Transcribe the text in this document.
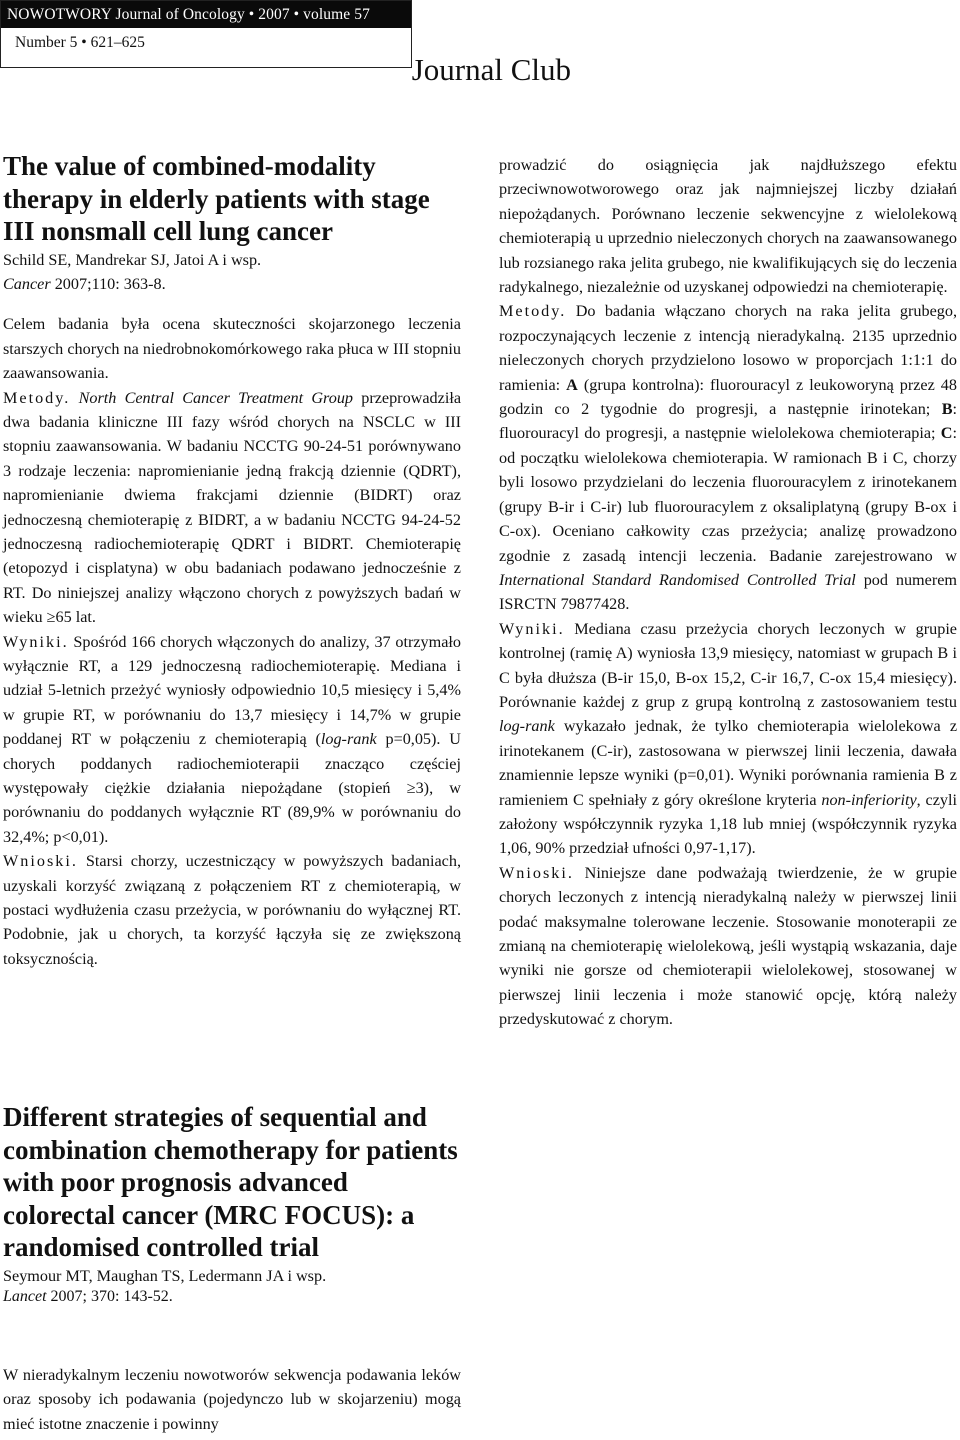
NOWOTWORY Journal of Oncology • 2007 • volume 57
Number 5 • 621–625
Journal Club
The value of combined-modality therapy in elderly patients with stage III nonsmall cell lung cancer
Schild SE, Mandrekar SJ, Jatoi A i wsp.
Cancer 2007;110: 363-8.

Celem badania była ocena skuteczności skojarzonego leczenia starszych chorych na niedrobnokomórkowego raka płuca w III stopniu zaawansowania.

Metody. North Central Cancer Treatment Group przeprowadziła dwa badania kliniczne III fazy wśród chorych na NSCLC w III stopniu zaawansowania. W badaniu NCCTG 90-24-51 porównywano 3 rodzaje leczenia: napromienianie jedną frakcją dziennie (QDRT), napromienianie dwiema frakcjami dziennie (BIDRT) oraz jednoczesną chemioterapię z BIDRT, a w badaniu NCCTG 94-24-52 jednoczesną radiochemioterapię QDRT i BIDRT. Chemioterapię (etopozyd i cisplatyna) w obu badaniach podawano jednocześnie z RT. Do niniejszej analizy włączono chorych z powyższych badań w wieku ≥65 lat.

Wyniki. Spośród 166 chorych włączonych do analizy, 37 otrzymało wyłącznie RT, a 129 jednoczesną radiochemioterapię. Mediana i udział 5-letnich przeżyć wyniosły odpowiednio 10,5 miesięcy i 5,4% w grupie RT, w porównaniu do 13,7 miesięcy i 14,7% w grupie poddanej RT w połączeniu z chemioterapią (log-rank p=0,05). U chorych poddanych radiochemioterapii znacząco częściej występowały ciężkie działania niepożądane (stopień ≥3), w porównaniu do poddanych wyłącznie RT (89,9% w porównaniu do 32,4%; p<0,01).

Wnioski. Starsi chorzy, uczestniczący w powyższych badaniach, uzyskali korzyść związaną z połączeniem RT z chemioterapią, w postaci wydłużenia czasu przeżycia, w porównaniu do wyłącznej RT. Podobnie, jak u chorych, ta korzyść łączyła się ze zwiększoną toksycznością.

Different strategies of sequential and combination chemotherapy for patients with poor prognosis advanced colorectal cancer (MRC FOCUS): a randomised controlled trial
Seymour MT, Maughan TS, Ledermann JA i wsp.
Lancet 2007; 370: 143-52.
W nieradykalnym leczeniu nowotworów sekwencja podawania leków oraz sposoby ich podawania (pojedynczo lub w skojarzeniu) mogą mieć istotne znaczenie i powinny

prowadzić do osiągnięcia jak najdłuższego efektu przeciwnowotworowego oraz jak najmniejszej liczby działań niepożądanych. Porównano leczenie sekwencyjne z wielolekową chemioterapią u uprzednio nieleczonych chorych na zaawansowanego lub rozsianego raka jelita grubego, nie kwalifikujących się do leczenia radykalnego, niezależnie od uzyskanej odpowiedzi na chemioterapię.

Metody. Do badania włączano chorych na raka jelita grubego, rozpoczynających leczenie z intencją nieradykalną. 2135 uprzednio nieleczonych chorych przydzielono losowo w proporcjach 1:1:1 do ramienia: A (grupa kontrolna): fluorouracyl z leukoworyną przez 48 godzin co 2 tygodnie do progresji, a następnie irinotekan; B: fluorouracyl do progresji, a następnie wielolekowa chemioterapia; C: od początku wielolekowa chemioterapia. W ramionach B i C, chorzy byli losowo przydzielani do leczenia fluorouracylem z irinotekanem (grupy B-ir i C-ir) lub fluorouracylem z oksaliplatyną (grupy B-ox i C-ox). Oceniano całkowity czas przeżycia; analizę prowadzono zgodnie z zasadą intencji leczenia. Badanie zarejestrowano w International Standard Randomised Controlled Trial pod numerem ISRCTN 79877428.

Wyniki. Mediana czasu przeżycia chorych leczonych w grupie kontrolnej (ramię A) wyniosła 13,9 miesięcy, natomiast w grupach B i C była dłuższa (B-ir 15,0, B-ox 15,2, C-ir 16,7, C-ox 15,4 miesięcy). Porównanie każdej z grup z grupą kontrolną z zastosowaniem testu log-rank wykazało jednak, że tylko chemioterapia wielolekowa z irinotekanem (C-ir), zastosowana w pierwszej linii leczenia, dawała znamiennie lepsze wyniki (p=0,01). Wyniki porównania ramienia B z ramieniem C spełniały z góry określone kryteria non-inferiority, czyli założony współczynnik ryzyka 1,18 lub mniej (współczynnik ryzyka 1,06, 90% przedział ufności 0,97-1,17).

Wnioski. Niniejsze dane podważają twierdzenie, że w grupie chorych leczonych z intencją nieradykalną należy w pierwszej linii podać maksymalne tolerowane leczenie. Stosowanie monoterapii ze zmianą na chemioterapię wielolekową, jeśli wystąpią wskazania, daje wyniki nie gorsze od chemioterapii wielolekowej, stosowanej w pierwszej linii leczenia i może stanowić opcję, którą należy przedyskutować z chorym.
